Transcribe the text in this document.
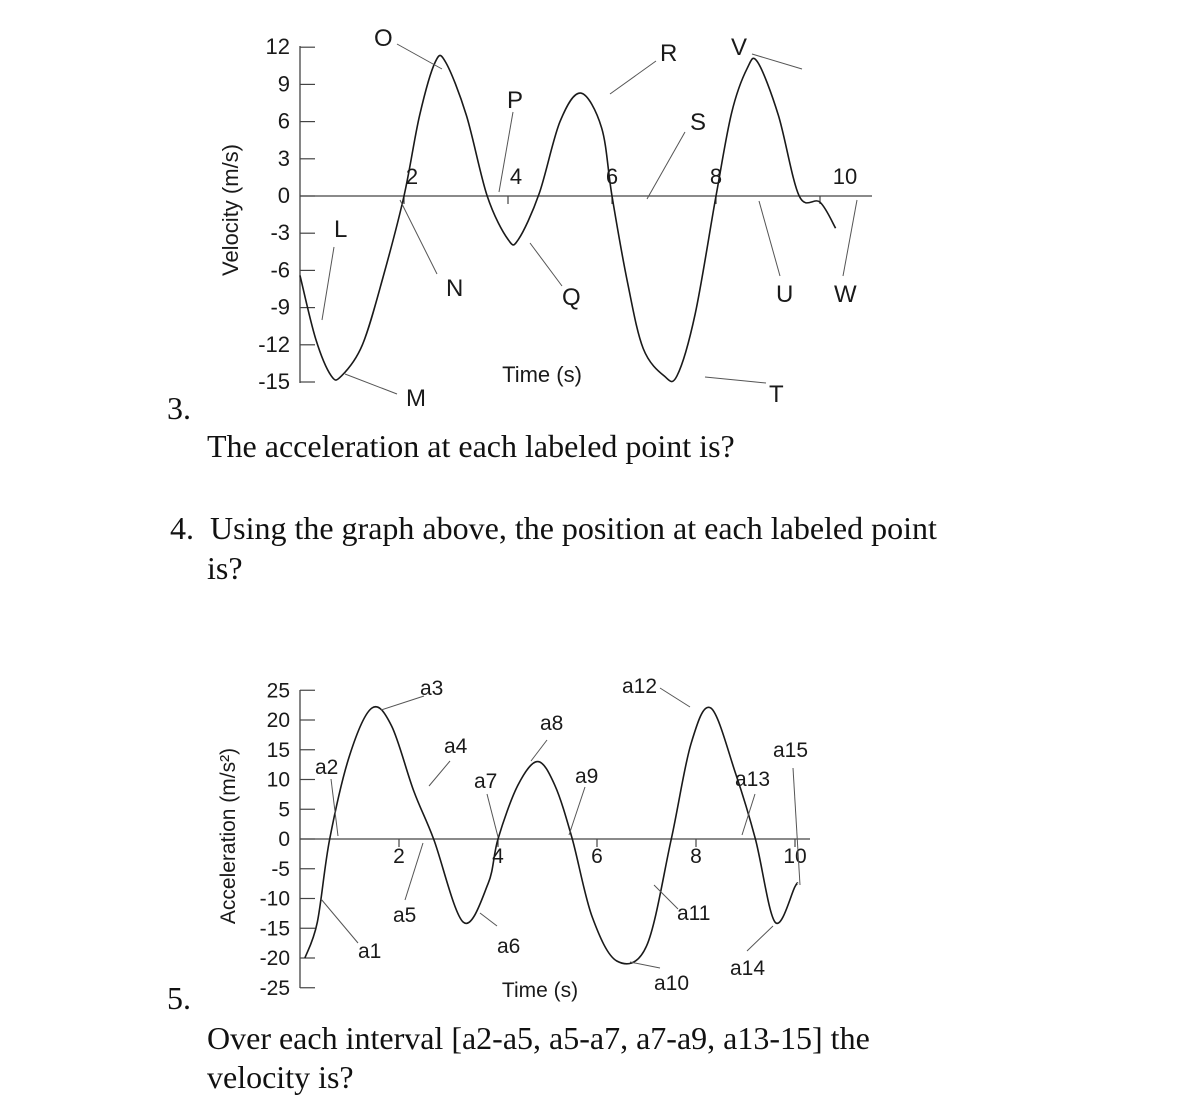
12
9
6
3
0
-3
-6
-9
-12
-15
2	4	6	8	10
Velocity (m/s)
Time (s)
L
M
N
O
P
Q
R
S
T
U
V
W
3.
The acceleration at each labeled point is?
4. Using the graph above, the position at each labeled point
is?
25
20
15
10
5
0
-5
-10
-15
-20
-25
2	4	6	8	10
Acceleration (m/s²)
Time (s)
a1
a2
a3
a4
a5
a6
a7
a8
a9
a10
a11
a12
a13
a14
a15
5.
Over each interval [a2-a5, a5-a7, a7-a9, a13-15] the
velocity is?
